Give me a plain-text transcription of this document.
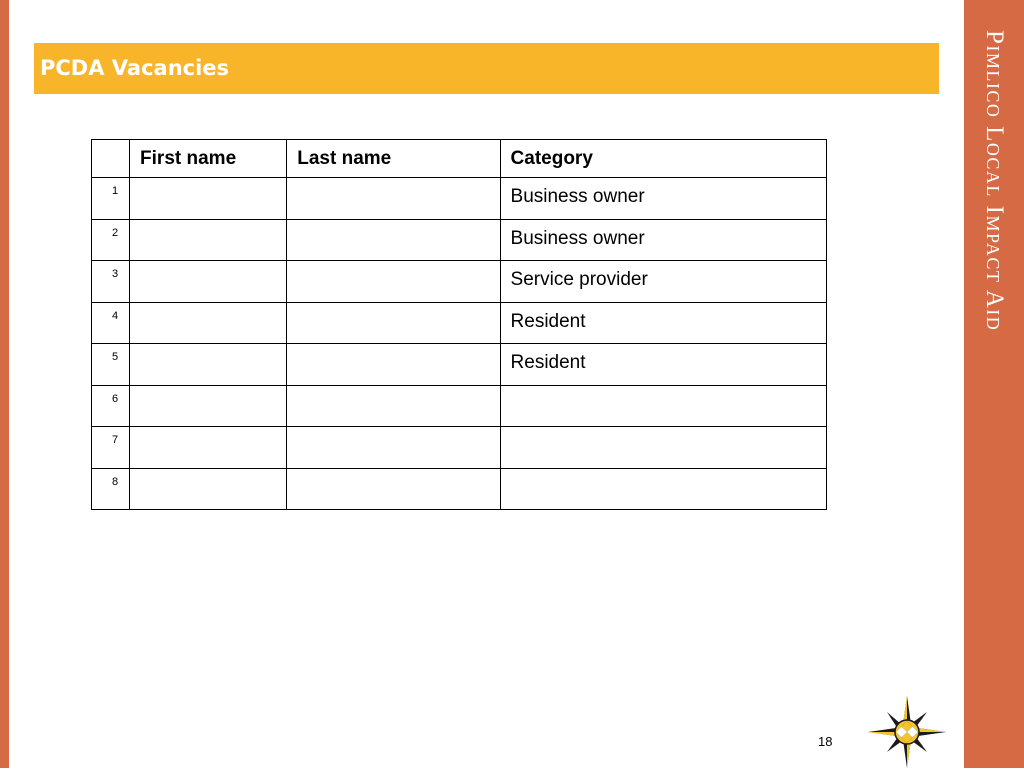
Pimlico Local Impact Aid
PCDA Vacancies
	First name	Last name	Category
1			Business owner
2			Business owner
3			Service provider
4			Resident
5			Resident
6			
7			
8			
18
